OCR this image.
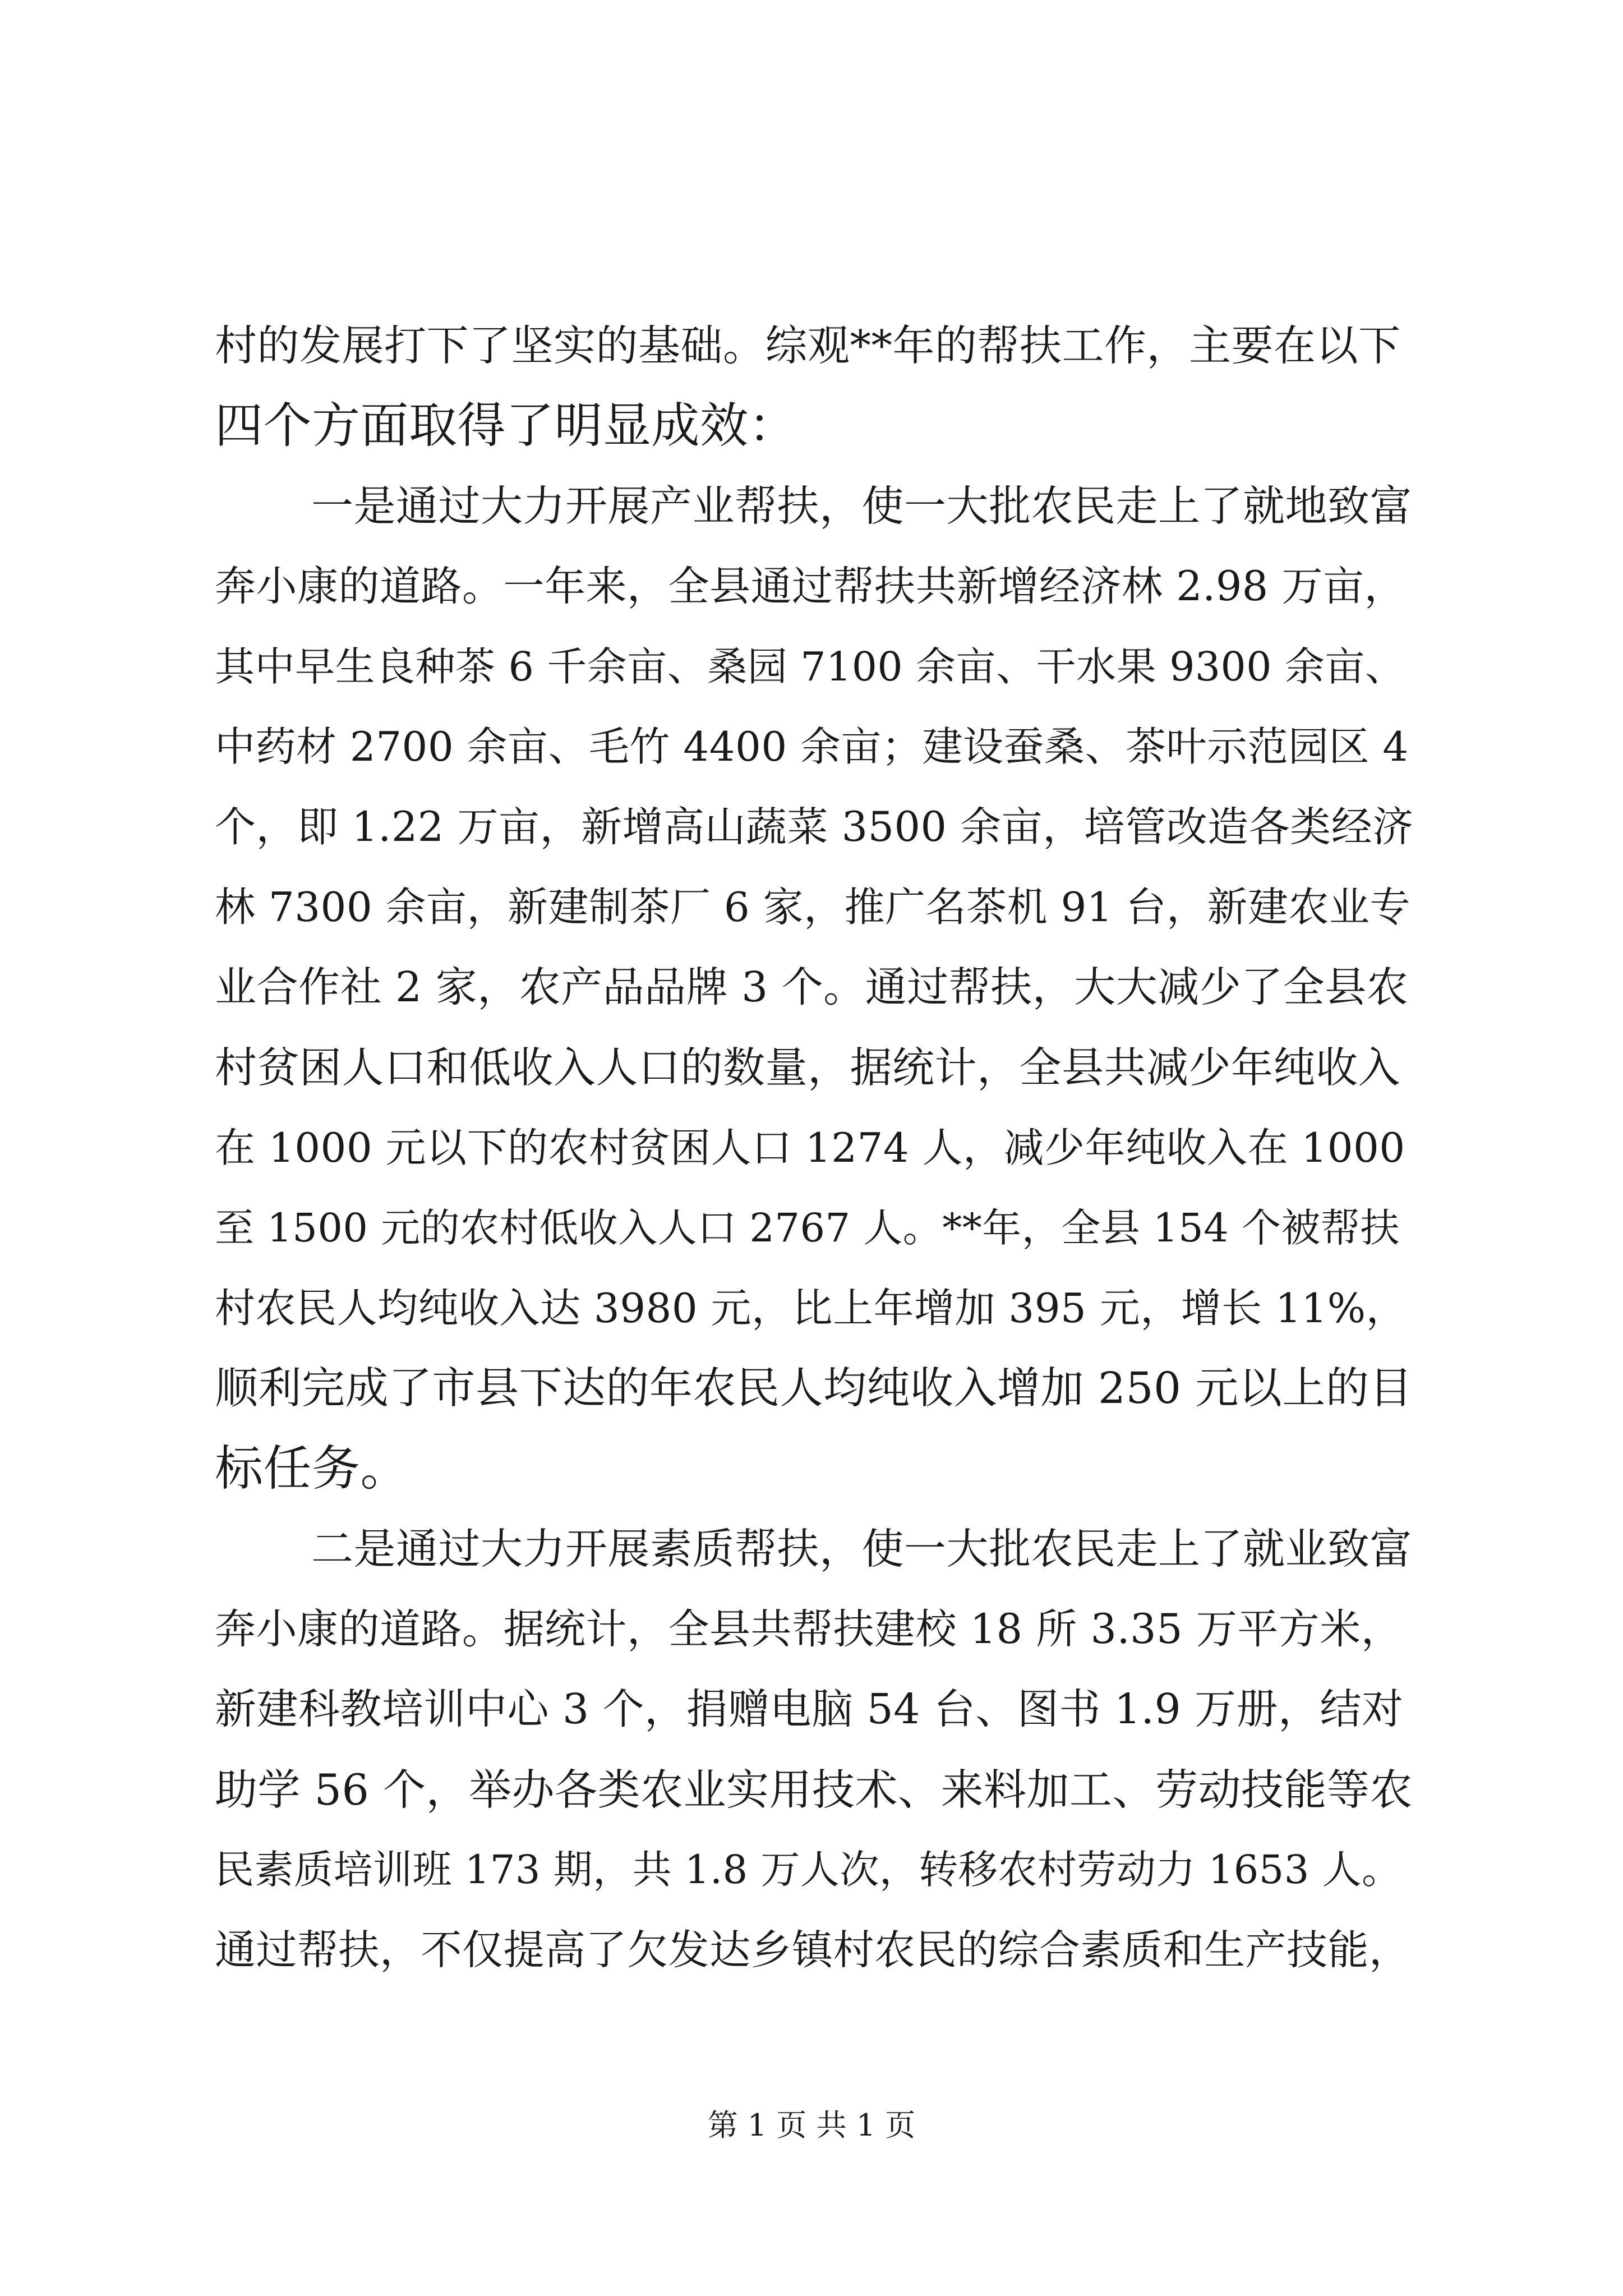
村的发展打下了坚实的基础。综观**年的帮扶工作，主要在以下
四个方面取得了明显成效：
一是通过大力开展产业帮扶，使一大批农民走上了就地致富
奔小康的道路。一年来，全县通过帮扶共新增经济林 2.98 万亩，
其中早生良种茶 6 千余亩、桑园 7100 余亩、干水果 9300 余亩、
中药材 2700 余亩、毛竹 4400 余亩；建设蚕桑、茶叶示范园区 4
个，即 1.22 万亩，新增高山蔬菜 3500 余亩，培管改造各类经济
林 7300 余亩，新建制茶厂 6 家，推广名茶机 91 台，新建农业专
业合作社 2 家，农产品品牌 3 个。通过帮扶，大大减少了全县农
村贫困人口和低收入人口的数量，据统计，全县共减少年纯收入
在 1000 元以下的农村贫困人口 1274 人，减少年纯收入在 1000
至 1500 元的农村低收入人口 2767 人。**年，全县 154 个被帮扶
村农民人均纯收入达 3980 元，比上年增加 395 元，增长 11%，
顺利完成了市县下达的年农民人均纯收入增加 250 元以上的目
标任务。
二是通过大力开展素质帮扶，使一大批农民走上了就业致富
奔小康的道路。据统计，全县共帮扶建校 18 所 3.35 万平方米，
新建科教培训中心 3 个，捐赠电脑 54 台、图书 1.9 万册，结对
助学 56 个，举办各类农业实用技术、来料加工、劳动技能等农
民素质培训班 173 期，共 1.8 万人次，转移农村劳动力 1653 人。
通过帮扶，不仅提高了欠发达乡镇村农民的综合素质和生产技能，
第 1 页 共 1 页
